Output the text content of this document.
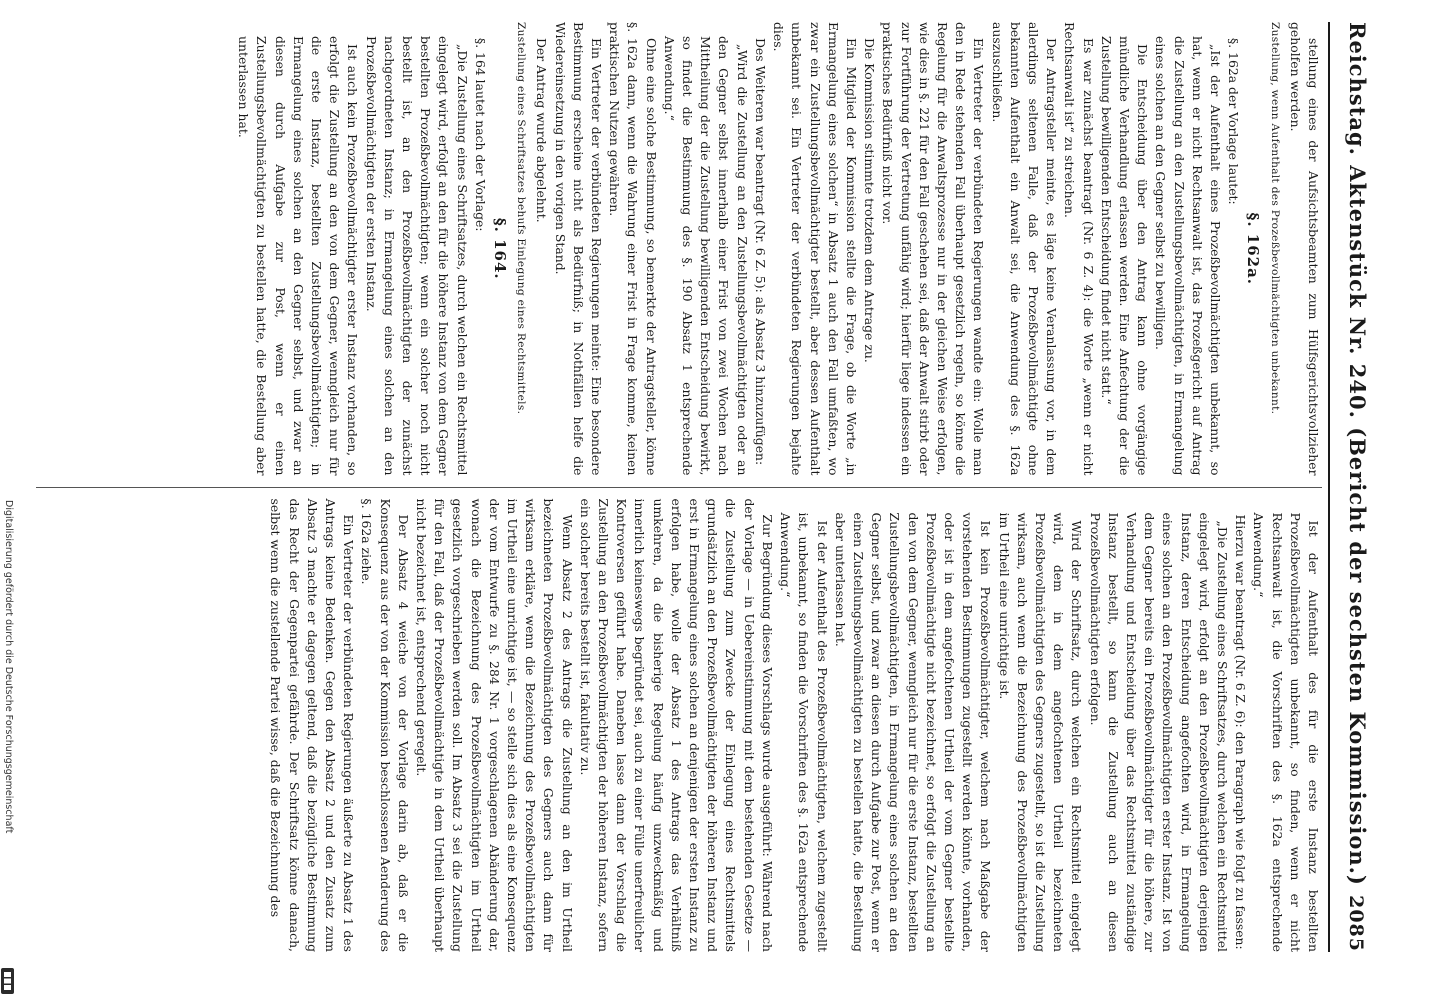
Reichstag.
Aktenstück Nr. 240. (Bericht der sechsten Kommission.)
2085

stellung eines der Aufsichtsbeamten zum Hülfsgerichtsvollzieher geholfen werden.

Zustellung, wenn Aufenthalt des Prozeßbevollmächtigten unbekannt.

§. 162a.

§. 162a der Vorlage lautet:

„Ist der Aufenthalt eines Prozeßbevollmächtigten unbekannt, so hat, wenn er nicht Rechtsanwalt ist, das Prozeßgericht auf Antrag die Zustellung an den Zustellungsbevollmächtigten, in Ermangelung eines solchen an den Gegner selbst zu bewilligen.

Die Entscheidung über den Antrag kann ohne vorgängige mündliche Verhandlung erlassen werden. Eine Anfechtung der die Zustellung bewilligenden Entscheidung findet nicht statt.“

Es war zunächst beantragt (Nr. 6 Z. 4): die Worte „wenn er nicht Rechtsanwalt ist“ zu streichen.

Der Antragsteller meinte, es läge keine Veranlassung vor, in dem allerdings seltenen Falle, daß der Prozeßbevollmächtigte ohne bekannten Aufenthalt ein Anwalt sei, die Anwendung des §. 162a auszuschließen.

Ein Vertreter der verbündeten Regierungen wandte ein: Wolle man den in Rede stehenden Fall überhaupt gesetzlich regeln, so könne die Regelung für die Anwaltsprozesse nur in der gleichen Weise erfolgen, wie dies in §. 221 für den Fall geschehen sei, daß der Anwalt stirbt oder zur Fortführung der Vertretung unfähig wird; hierfür liege indessen ein praktisches Bedürfniß nicht vor.

Die Kommission stimmte trotzdem dem Antrage zu.

Ein Mitglied der Kommission stellte die Frage, ob die Worte „in Ermangelung eines solchen“ in Absatz 1 auch den Fall umfaßten, wo zwar ein Zustellungsbevollmächtigter bestellt, aber dessen Aufenthalt unbekannt sei. Ein Vertreter der verbündeten Regierungen bejahte dies.

Des Weiteren war beantragt (Nr. 6 Z. 5): als Absatz 3 hinzuzufügen:

„Wird die Zustellung an den Zustellungsbevollmächtigten oder an den Gegner selbst innerhalb einer Frist von zwei Wochen nach Mittheilung der die Zustellung bewilligenden Entscheidung bewirkt, so findet die Bestimmung des §. 190 Absatz 1 entsprechende Anwendung.“

Ohne eine solche Bestimmung, so bemerkte der Antragsteller, könne §. 162a dann, wenn die Wahrung einer Frist in Frage komme, keinen praktischen Nutzen gewähren.

Ein Vertreter der verbündeten Regierungen meinte: Eine besondere Bestimmung erscheine nicht als Bedürfniß; in Nothfällen helfe die Wiedereinsetzung in den vorigen Stand.

Der Antrag wurde abgelehnt.

Zustellung eines Schriftsatzes behufs Einlegung eines Rechtsmittels.

§. 164.

§. 164 lautet nach der Vorlage:

„Die Zustellung eines Schriftsatzes, durch welchen ein Rechtsmittel eingelegt wird, erfolgt an den für die höhere Instanz von dem Gegner bestellten Prozeßbevollmächtigten; wenn ein solcher noch nicht bestellt ist, an den Prozeßbevollmächtigten der zunächst nachgeordneten Instanz; in Ermangelung eines solchen an den Prozeßbevollmächtigten der ersten Instanz.

Ist auch kein Prozeßbevollmächtigter erster Instanz vorhanden, so erfolgt die Zustellung an den von dem Gegner, wenngleich nur für die erste Instanz, bestellten Zustellungsbevollmächtigten; in Ermangelung eines solchen an den Gegner selbst, und zwar an diesen durch Aufgabe zur Post, wenn er einen Zustellungsbevollmächtigten zu bestellen hatte, die Bestellung aber unterlassen hat.

Ist der Aufenthalt des für die erste Instanz bestellten Prozeßbevollmächtigten unbekannt, so finden, wenn er nicht Rechtsanwalt ist, die Vorschriften des §. 162a entsprechende Anwendung.“

Hierzu war beantragt (Nr. 6 Z. 6): den Paragraph wie folgt zu fassen:

„Die Zustellung eines Schriftsatzes, durch welchen ein Rechtsmittel eingelegt wird, erfolgt an den Prozeßbevollmächtigten derjenigen Instanz, deren Entscheidung angefochten wird, in Ermangelung eines solchen an den Prozeßbevollmächtigten erster Instanz. Ist von dem Gegner bereits ein Prozeßbevollmächtigter für die höhere, zur Verhandlung und Entscheidung über das Rechtsmittel zuständige Instanz bestellt, so kann die Zustellung auch an diesen Prozeßbevollmächtigten erfolgen.

Wird der Schriftsatz, durch welchen ein Rechtsmittel eingelegt wird, dem in dem angefochtenen Urtheil bezeichneten Prozeßbevollmächtigten des Gegners zugestellt, so ist die Zustellung wirksam, auch wenn die Bezeichnung des Prozeßbevollmächtigten im Urtheil eine unrichtige ist.

Ist kein Prozeßbevollmächtigter, welchem nach Maßgabe der vorstehenden Bestimmungen zugestellt werden könnte, vorhanden, oder ist in dem angefochtenen Urtheil der vom Gegner bestellte Prozeßbevollmächtigte nicht bezeichnet, so erfolgt die Zustellung an den von dem Gegner, wenngleich nur für die erste Instanz, bestellten Zustellungsbevollmächtigten, in Ermangelung eines solchen an den Gegner selbst, und zwar an diesen durch Aufgabe zur Post, wenn er einen Zustellungsbevollmächtigten zu bestellen hatte, die Bestellung aber unterlassen hat.

Ist der Aufenthalt des Prozeßbevollmächtigten, welchem zugestellt ist, unbekannt, so finden die Vorschriften des §. 162a entsprechende Anwendung.“

Zur Begründung dieses Vorschlags wurde ausgeführt: Während nach der Vorlage — in Uebereinstimmung mit dem bestehenden Gesetze — die Zustellung zum Zwecke der Einlegung eines Rechtsmittels grundsätzlich an den Prozeßbevollmächtigten der höheren Instanz und erst in Ermangelung eines solchen an denjenigen der ersten Instanz zu erfolgen habe, wolle der Absatz 1 des Antrags das Verhältniß umkehren, da die bisherige Regelung häufig unzweckmäßig und innerlich keineswegs begründet sei, auch zu einer Fülle unerfreulicher Kontroversen geführt habe. Daneben lasse dann der Vorschlag die Zustellung an den Prozeßbevollmächtigten der höheren Instanz, sofern ein solcher bereits bestellt ist, fakultativ zu.

Wenn Absatz 2 des Antrags die Zustellung an den im Urtheil bezeichneten Prozeßbevollmächtigten des Gegners auch dann für wirksam erkläre, wenn die Bezeichnung des Prozeßbevollmächtigten im Urtheil eine unrichtige ist, — so stelle sich dies als eine Konsequenz der vom Entwurfe zu §. 284 Nr. 1 vorgeschlagenen Abänderung dar, wonach die Bezeichnung des Prozeßbevollmächtigten im Urtheil gesetzlich vorgeschrieben werden soll. Im Absatz 3 sei die Zustellung für den Fall, daß der Prozeßbevollmächtigte in dem Urtheil überhaupt nicht bezeichnet ist, entsprechend geregelt.

Der Absatz 4 weiche von der Vorlage darin ab, daß er die Konsequenz aus der von der Kommission beschlossenen Aenderung des §. 162a ziehe.

Ein Vertreter der verbündeten Regierungen äußerte zu Absatz 1 des Antrags keine Bedenken. Gegen den Absatz 2 und den Zusatz zum Absatz 3 machte er dagegen geltend, daß die bezügliche Bestimmung das Recht der Gegenpartei gefährde. Der Schriftsatz könne danach, selbst wenn die zustellende Partei wisse, daß die Bezeichnung des

Digitalisierung gefördert durch die Deutsche Forschungsgemeinschaft
